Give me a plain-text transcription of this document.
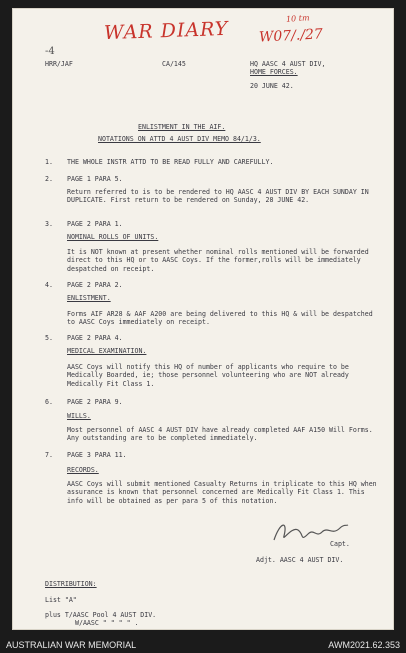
WAR DIARY	10 tm
W07/./27
-4
HRR/JAF	CA/145	HQ AASC 4 AUST DIV,
HOME FORCES.
20 JUNE 42.
ENLISTMENT IN THE AIF.
NOTATIONS ON ATTD 4 AUST DIV MEMO 84/1/3.
1. THE WHOLE INSTR ATTD TO BE READ FULLY AND CAREFULLY.
2. PAGE 1 PARA 5.
Return referred to is to be rendered to HQ AASC 4 AUST DIV BY EACH SUNDAY IN DUPLICATE. First return to be rendered on Sunday, 28 JUNE 42.
3. PAGE 2 PARA 1.
NOMINAL ROLLS OF UNITS.
It is NOT known at present whether nominal rolls mentioned will be forwarded direct to this HQ or to AASC Coys. If the former,rolls will be immediately despatched on receipt.
4. PAGE 2 PARA 2.
ENLISTMENT.
Forms AIF AR28 & AAF A200 are being delivered to this HQ & will be despatched to AASC Coys immediately on receipt.
5. PAGE 2 PARA 4.
MEDICAL EXAMINATION.
AASC Coys will notify this HQ of number of applicants who require to be Medically Boarded, ie; those personnel volunteering who are NOT already Medically Fit Class 1.
6. PAGE 2 PARA 9.
WILLS.
Most personnel of AASC 4 AUST DIV have already completed AAF A150 Will Forms. Any outstanding are to be completed immediately.
7. PAGE 3 PARA 11.
RECORDS.
AASC Coys will submit mentioned Casualty Returns in triplicate to this HQ when assurance is known that personnel concerned are Medically Fit Class 1. This info will be obtained as per para 5 of this notation.
Capt.
Adjt. AASC 4 AUST DIV.
DISTRIBUTION:
List "A"
plus T/AASC Pool 4 AUST DIV.
W/AASC " " " " .
AUSTRALIAN WAR MEMORIAL	AWM2021.62.353
